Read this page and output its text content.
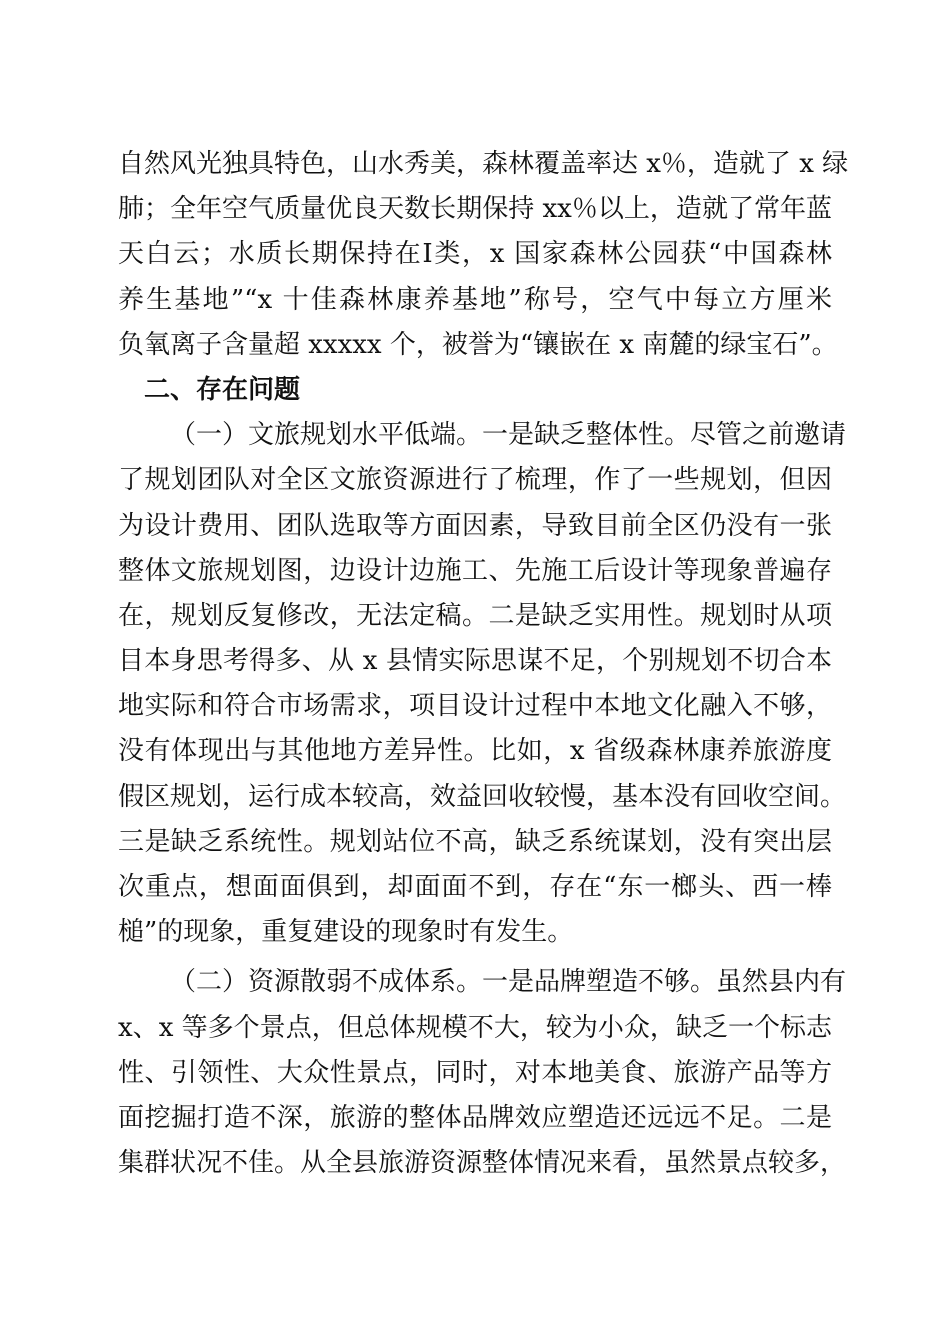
自然风光独具特色，山水秀美，森林覆盖率达 x％，造就了 x 绿
肺；全年空气质量优良天数长期保持 xx％以上，造就了常年蓝
天白云；水质长期保持在Ⅰ类，x 国家森林公园获“中国森林
养生基地”“x 十佳森林康养基地”称号，空气中每立方厘米
负氧离子含量超 xxxxx 个，被誉为“镶嵌在 x 南麓的绿宝石”。
二、存在问题
（一）文旅规划水平低端。一是缺乏整体性。尽管之前邀请
了规划团队对全区文旅资源进行了梳理，作了一些规划，但因
为设计费用、团队选取等方面因素，导致目前全区仍没有一张
整体文旅规划图，边设计边施工、先施工后设计等现象普遍存
在，规划反复修改，无法定稿。二是缺乏实用性。规划时从项
目本身思考得多、从 x 县情实际思谋不足，个别规划不切合本
地实际和符合市场需求，项目设计过程中本地文化融入不够，
没有体现出与其他地方差异性。比如，x 省级森林康养旅游度
假区规划，运行成本较高，效益回收较慢，基本没有回收空间。
三是缺乏系统性。规划站位不高，缺乏系统谋划，没有突出层
次重点，想面面俱到，却面面不到，存在“东一榔头、西一棒
槌”的现象，重复建设的现象时有发生。
（二）资源散弱不成体系。一是品牌塑造不够。虽然县内有
x、x 等多个景点，但总体规模不大，较为小众，缺乏一个标志
性、引领性、大众性景点，同时，对本地美食、旅游产品等方
面挖掘打造不深，旅游的整体品牌效应塑造还远远不足。二是
集群状况不佳。从全县旅游资源整体情况来看，虽然景点较多，
